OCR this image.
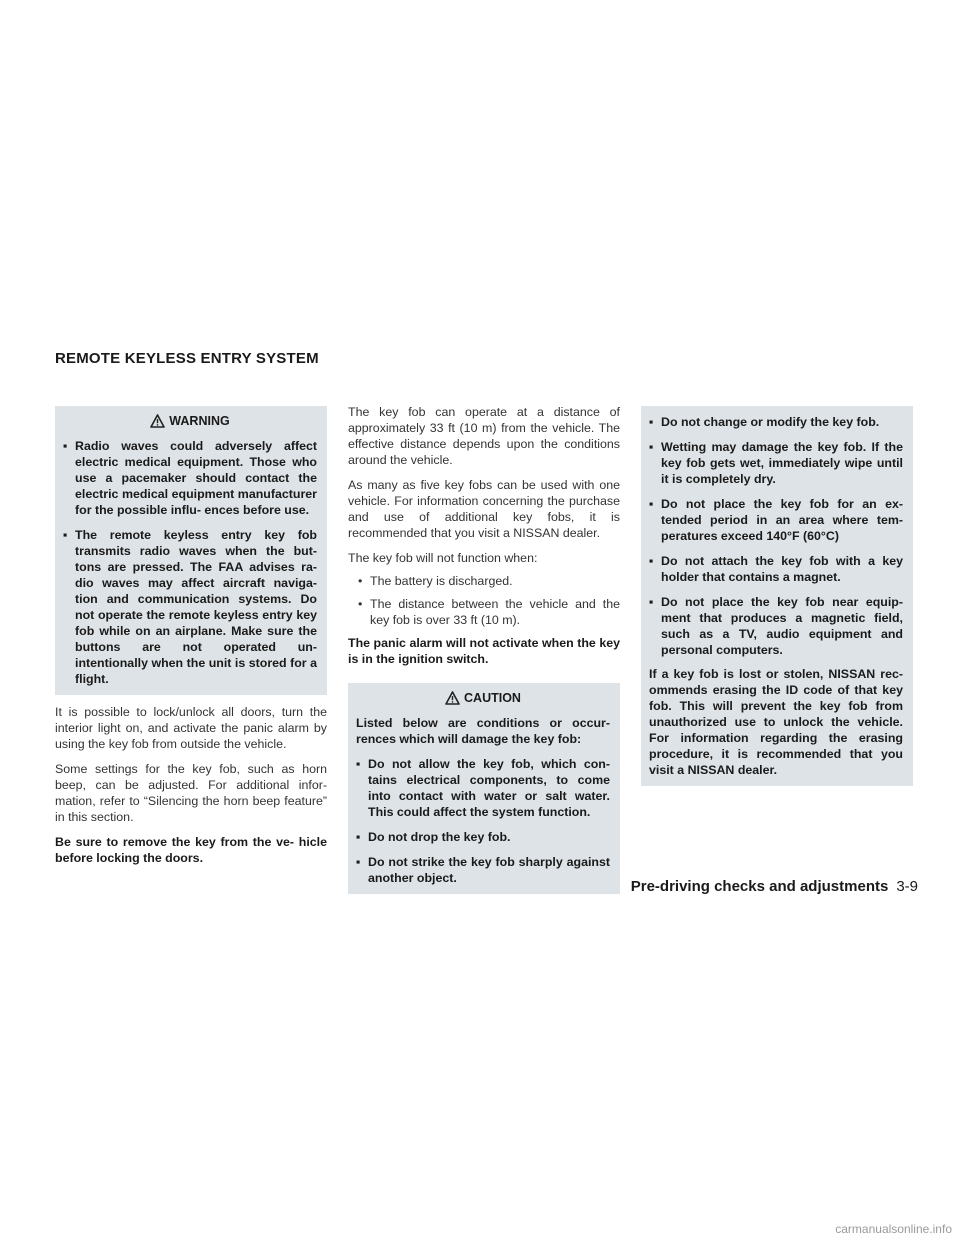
REMOTE KEYLESS ENTRY SYSTEM
WARNING
▪ Radio waves could adversely affect electric medical equipment. Those who use a pacemaker should contact the electric medical equipment manufacturer for the possible influ- ences before use.
▪ The remote keyless entry key fob transmits radio waves when the but- tons are pressed. The FAA advises ra- dio waves may affect aircraft naviga- tion and communication systems. Do not operate the remote keyless entry key fob while on an airplane. Make sure the buttons are not operated un- intentionally when the unit is stored for a flight.

It is possible to lock/unlock all doors, turn the interior light on, and activate the panic alarm by using the key fob from outside the vehicle.

Some settings for the key fob, such as horn beep, can be adjusted. For additional infor- mation, refer to “Silencing the horn beep feature” in this section.

Be sure to remove the key from the ve- hicle before locking the doors.

The key fob can operate at a distance of approximately 33 ft (10 m) from the vehicle. The effective distance depends upon the conditions around the vehicle.

As many as five key fobs can be used with one vehicle. For information concerning the purchase and use of additional key fobs, it is recommended that you visit a NISSAN dealer.

The key fob will not function when:

• The battery is discharged.
• The distance between the vehicle and the key fob is over 33 ft (10 m).

The panic alarm will not activate when the key is in the ignition switch.

CAUTION

Listed below are conditions or occur- rences which will damage the key fob:

▪ Do not allow the key fob, which con- tains electrical components, to come into contact with water or salt water. This could affect the system function.
▪ Do not drop the key fob.
▪ Do not strike the key fob sharply against another object.
▪ Do not change or modify the key fob.
▪ Wetting may damage the key fob. If the key fob gets wet, immediately wipe until it is completely dry.
▪ Do not place the key fob for an ex- tended period in an area where tem- peratures exceed 140°F (60°C)
▪ Do not attach the key fob with a key holder that contains a magnet.
▪ Do not place the key fob near equip- ment that produces a magnetic field, such as a TV, audio equipment and personal computers.

If a key fob is lost or stolen, NISSAN rec- ommends erasing the ID code of that key fob. This will prevent the key fob from unauthorized use to unlock the vehicle. For information regarding the erasing procedure, it is recommended that you visit a NISSAN dealer.

Pre-driving checks and adjustments 3-9
carmanualsonline.info
